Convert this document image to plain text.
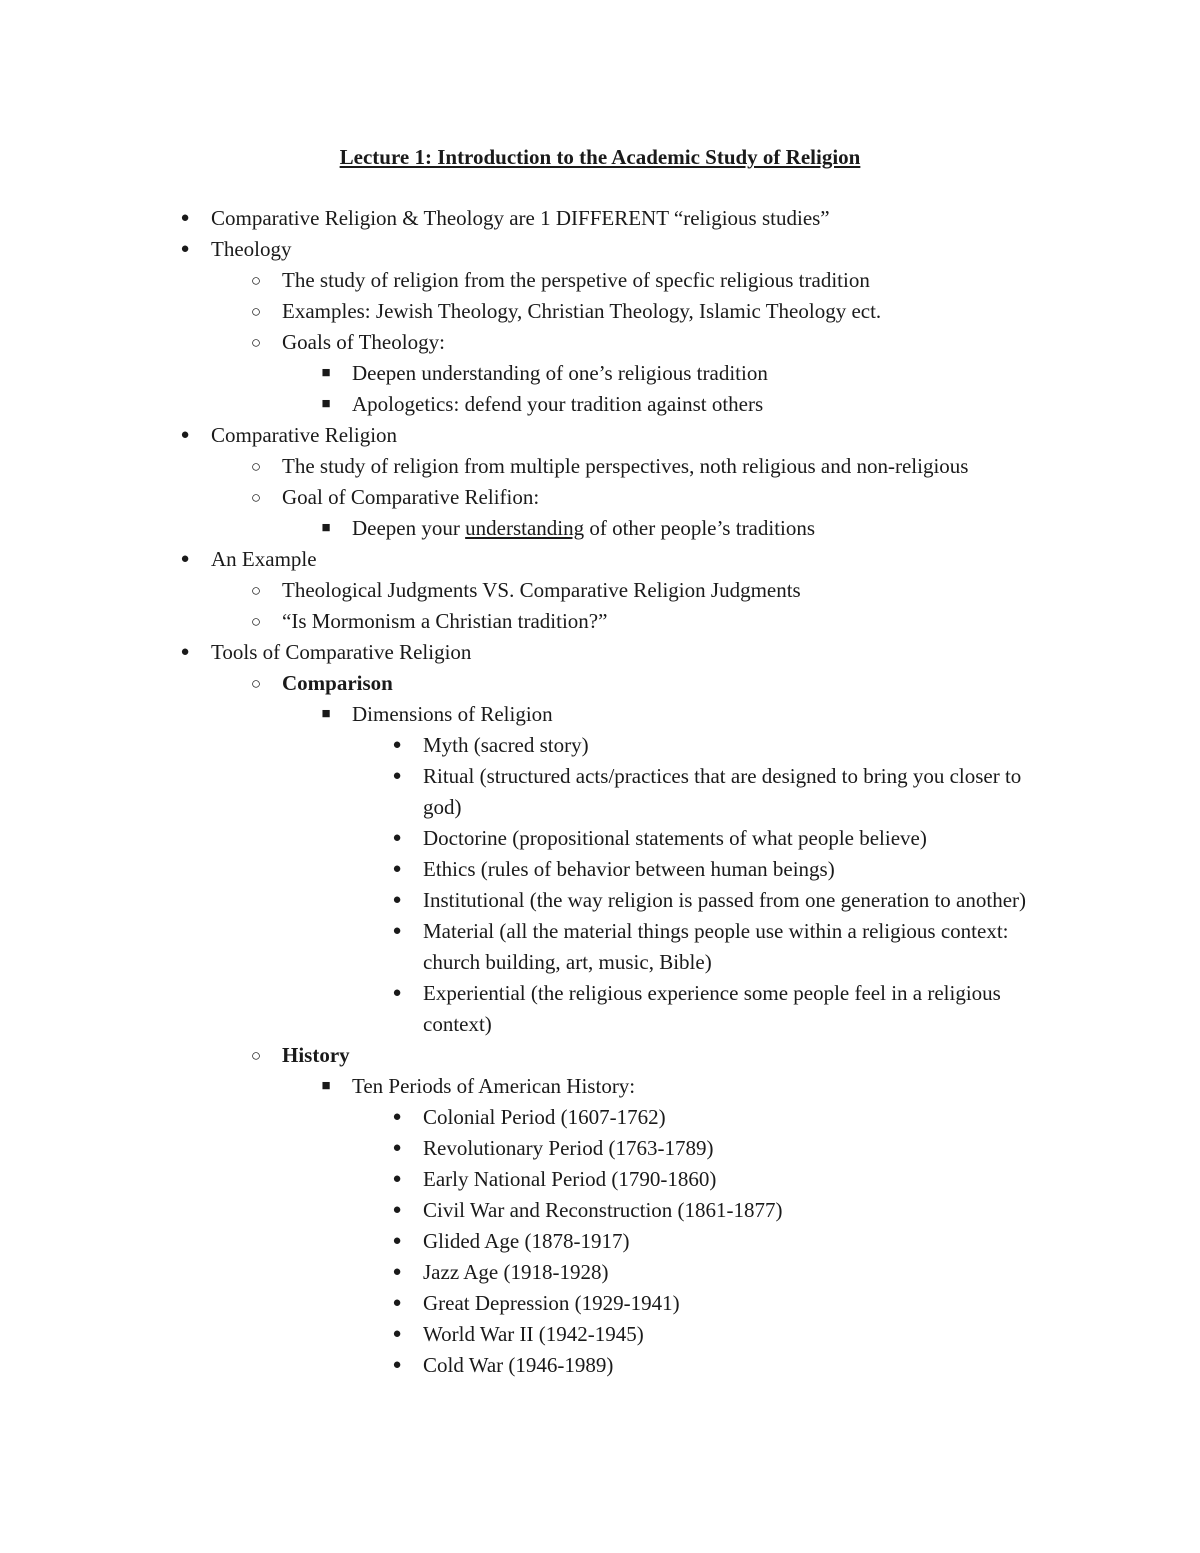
Lecture 1: Introduction to the Academic Study of Religion
● Comparative Religion & Theology are 1 DIFFERENT “religious studies”
● Theology
○ The study of religion from the perspetive of specfic religious tradition
○ Examples: Jewish Theology, Christian Theology, Islamic Theology ect.
○ Goals of Theology:
■ Deepen understanding of one’s religious tradition
■ Apologetics: defend your tradition against others
● Comparative Religion
○ The study of religion from multiple perspectives, noth religious and non-religious
○ Goal of Comparative Relifion:
■ Deepen your understanding of other people’s traditions
● An Example
○ Theological Judgments VS. Comparative Religion Judgments
○ “Is Mormonism a Christian tradition?”
● Tools of Comparative Religion
○ Comparison
■ Dimensions of Religion
● Myth (sacred story)
● Ritual (structured acts/practices that are designed to bring you closer to god)
● Doctorine (propositional statements of what people believe)
● Ethics (rules of behavior between human beings)
● Institutional (the way religion is passed from one generation to another)
● Material (all the material things people use within a religious context: church building, art, music, Bible)
● Experiential (the religious experience some people feel in a religious context)
○ History
■ Ten Periods of American History:
● Colonial Period (1607-1762)
● Revolutionary Period (1763-1789)
● Early National Period (1790-1860)
● Civil War and Reconstruction (1861-1877)
● Glided Age (1878-1917)
● Jazz Age (1918-1928)
● Great Depression (1929-1941)
● World War II (1942-1945)
● Cold War (1946-1989)
